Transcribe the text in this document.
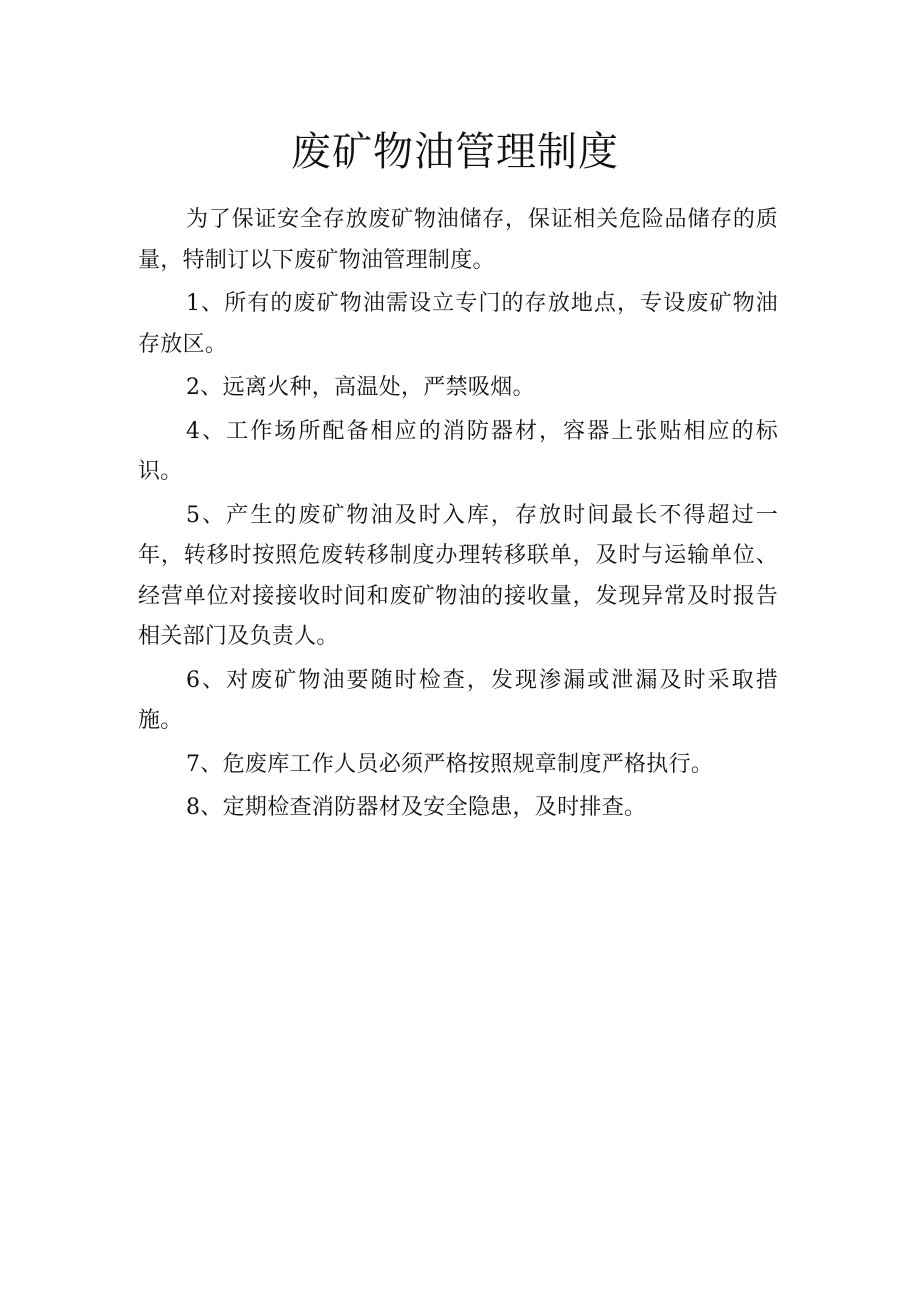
废矿物油管理制度

为了保证安全存放废矿物油储存，保证相关危险品储存的质量，特制订以下废矿物油管理制度。

1、所有的废矿物油需设立专门的存放地点，专设废矿物油存放区。

2、远离火种，高温处，严禁吸烟。

4、工作场所配备相应的消防器材，容器上张贴相应的标识。

5、产生的废矿物油及时入库，存放时间最长不得超过一年，转移时按照危废转移制度办理转移联单，及时与运输单位、经营单位对接接收时间和废矿物油的接收量，发现异常及时报告相关部门及负责人。

6、对废矿物油要随时检查，发现渗漏或泄漏及时采取措施。

7、危废库工作人员必须严格按照规章制度严格执行。

8、定期检查消防器材及安全隐患，及时排查。
